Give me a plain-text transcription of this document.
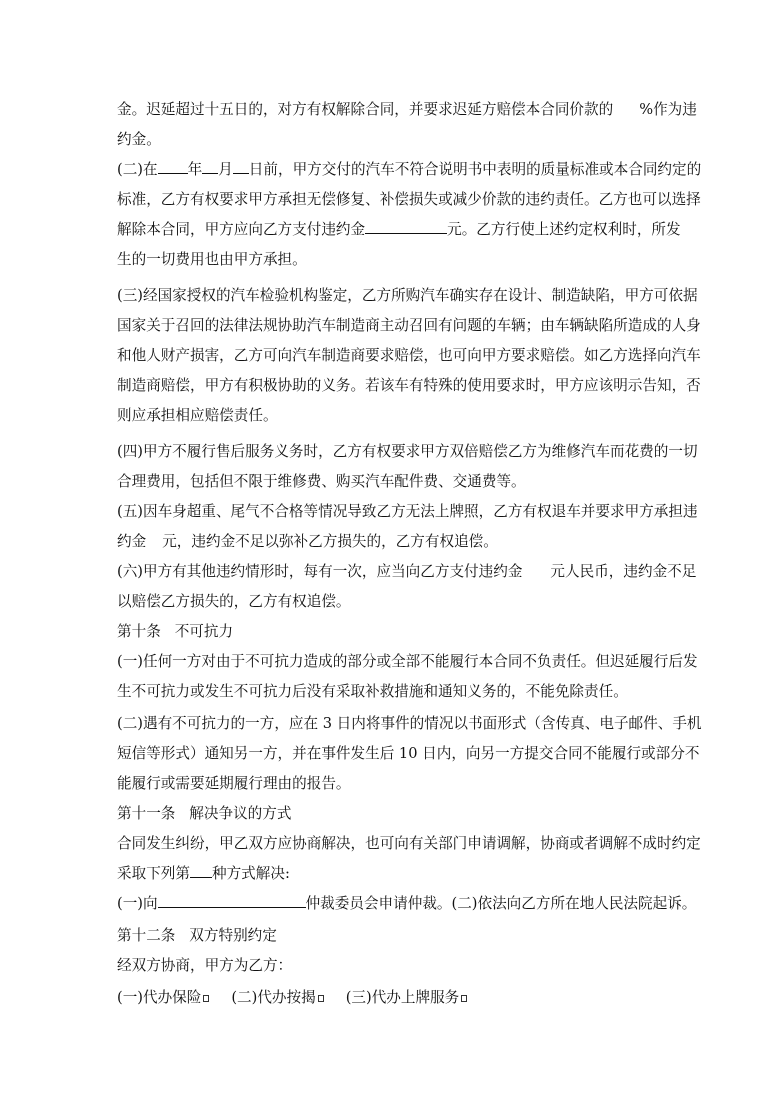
金。迟延超过十五日的，对方有权解除合同，并要求迟延方赔偿本合同价款的 %作为违
约金。
(二)在 年 月 日前，甲方交付的汽车不符合说明书中表明的质量标准或本合同约定的
标准，乙方有权要求甲方承担无偿修复、补偿损失或减少价款的违约责任。乙方也可以选择
解除本合同，甲方应向乙方支付违约金	元。乙方行使上述约定权利时，所发
生的一切费用也由甲方承担。
(三)经国家授权的汽车检验机构鉴定，乙方所购汽车确实存在设计、制造缺陷，甲方可依据
国家关于召回的法律法规协助汽车制造商主动召回有问题的车辆；由车辆缺陷所造成的人身
和他人财产损害，乙方可向汽车制造商要求赔偿，也可向甲方要求赔偿。如乙方选择向汽车
制造商赔偿，甲方有积极协助的义务。若该车有特殊的使用要求时，甲方应该明示告知，否
则应承担相应赔偿责任。
(四)甲方不履行售后服务义务时，乙方有权要求甲方双倍赔偿乙方为维修汽车而花费的一切
合理费用，包括但不限于维修费、购买汽车配件费、交通费等。
(五)因车身超重、尾气不合格等情况导致乙方无法上牌照，乙方有权退车并要求甲方承担违
约金 元，违约金不足以弥补乙方损失的，乙方有权追偿。
(六)甲方有其他违约情形时，每有一次，应当向乙方支付违约金 元人民币，违约金不足
以赔偿乙方损失的，乙方有权追偿。
第十条   不可抗力
(一)任何一方对由于不可抗力造成的部分或全部不能履行本合同不负责任。但迟延履行后发
生不可抗力或发生不可抗力后没有采取补救措施和通知义务的，不能免除责任。
(二)遇有不可抗力的一方，应在 3 日内将事件的情况以书面形式（含传真、电子邮件、手机
短信等形式）通知另一方，并在事件发生后 10 日内，向另一方提交合同不能履行或部分不
能履行或需要延期履行理由的报告。
第十一条   解决争议的方式
合同发生纠纷，甲乙双方应协商解决，也可向有关部门申请调解，协商或者调解不成时约定
采取下列第 种方式解决:
(一)向	仲裁委员会申请仲裁。(二)依法向乙方所在地人民法院起诉。
第十二条   双方特别约定
经双方协商，甲方为乙方：
(一)代办保险 (二)代办按揭 (三)代办上牌服务
